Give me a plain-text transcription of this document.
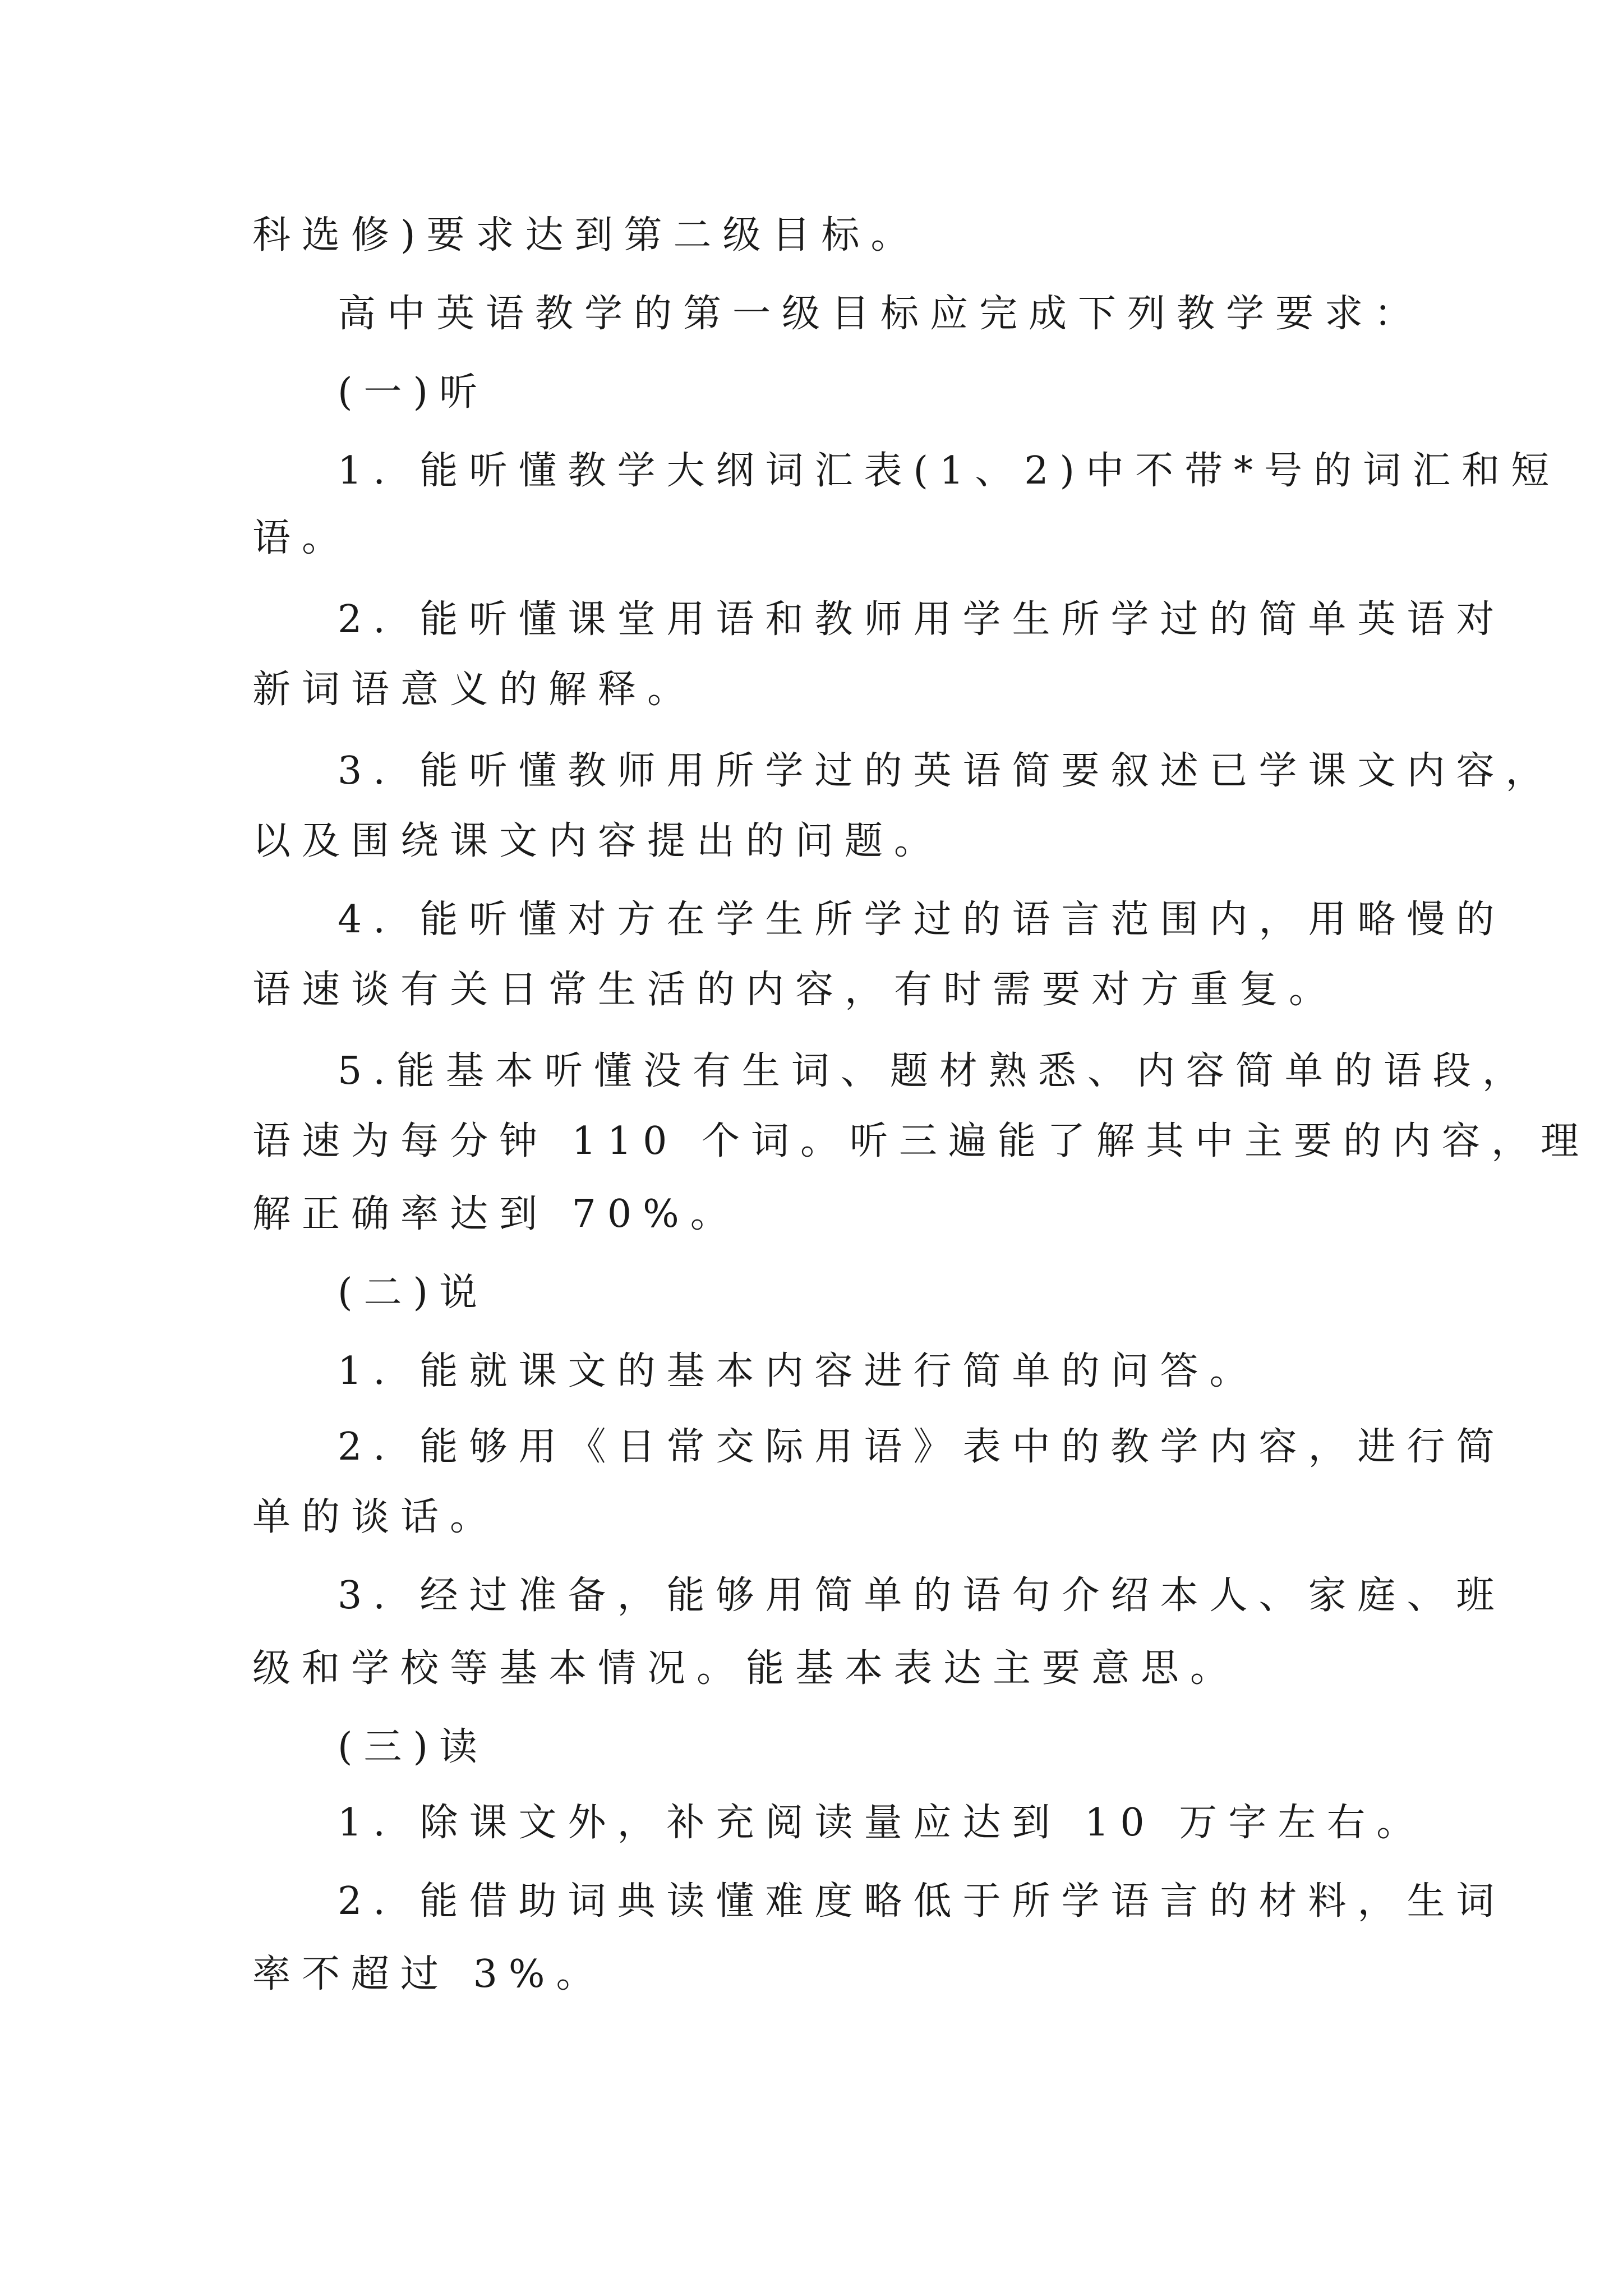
科选修)要求达到第二级目标。
高中英语教学的第一级目标应完成下列教学要求：
(一)听
1. 能听懂教学大纲词汇表(1、2)中不带*号的词汇和短
语。
2. 能听懂课堂用语和教师用学生所学过的简单英语对
新词语意义的解释。
3. 能听懂教师用所学过的英语简要叙述已学课文内容，
以及围绕课文内容提出的问题。
4. 能听懂对方在学生所学过的语言范围内，用略慢的
语速谈有关日常生活的内容，有时需要对方重复。
5.能基本听懂没有生词、题材熟悉、内容简单的语段，
语速为每分钟 110 个词。听三遍能了解其中主要的内容，理
解正确率达到 70%。
(二)说
1. 能就课文的基本内容进行简单的问答。
2. 能够用《日常交际用语》表中的教学内容，进行简
单的谈话。
3. 经过准备，能够用简单的语句介绍本人、家庭、班
级和学校等基本情况。能基本表达主要意思。
(三)读
1. 除课文外，补充阅读量应达到 10 万字左右。
2. 能借助词典读懂难度略低于所学语言的材料，生词
率不超过 3%。
